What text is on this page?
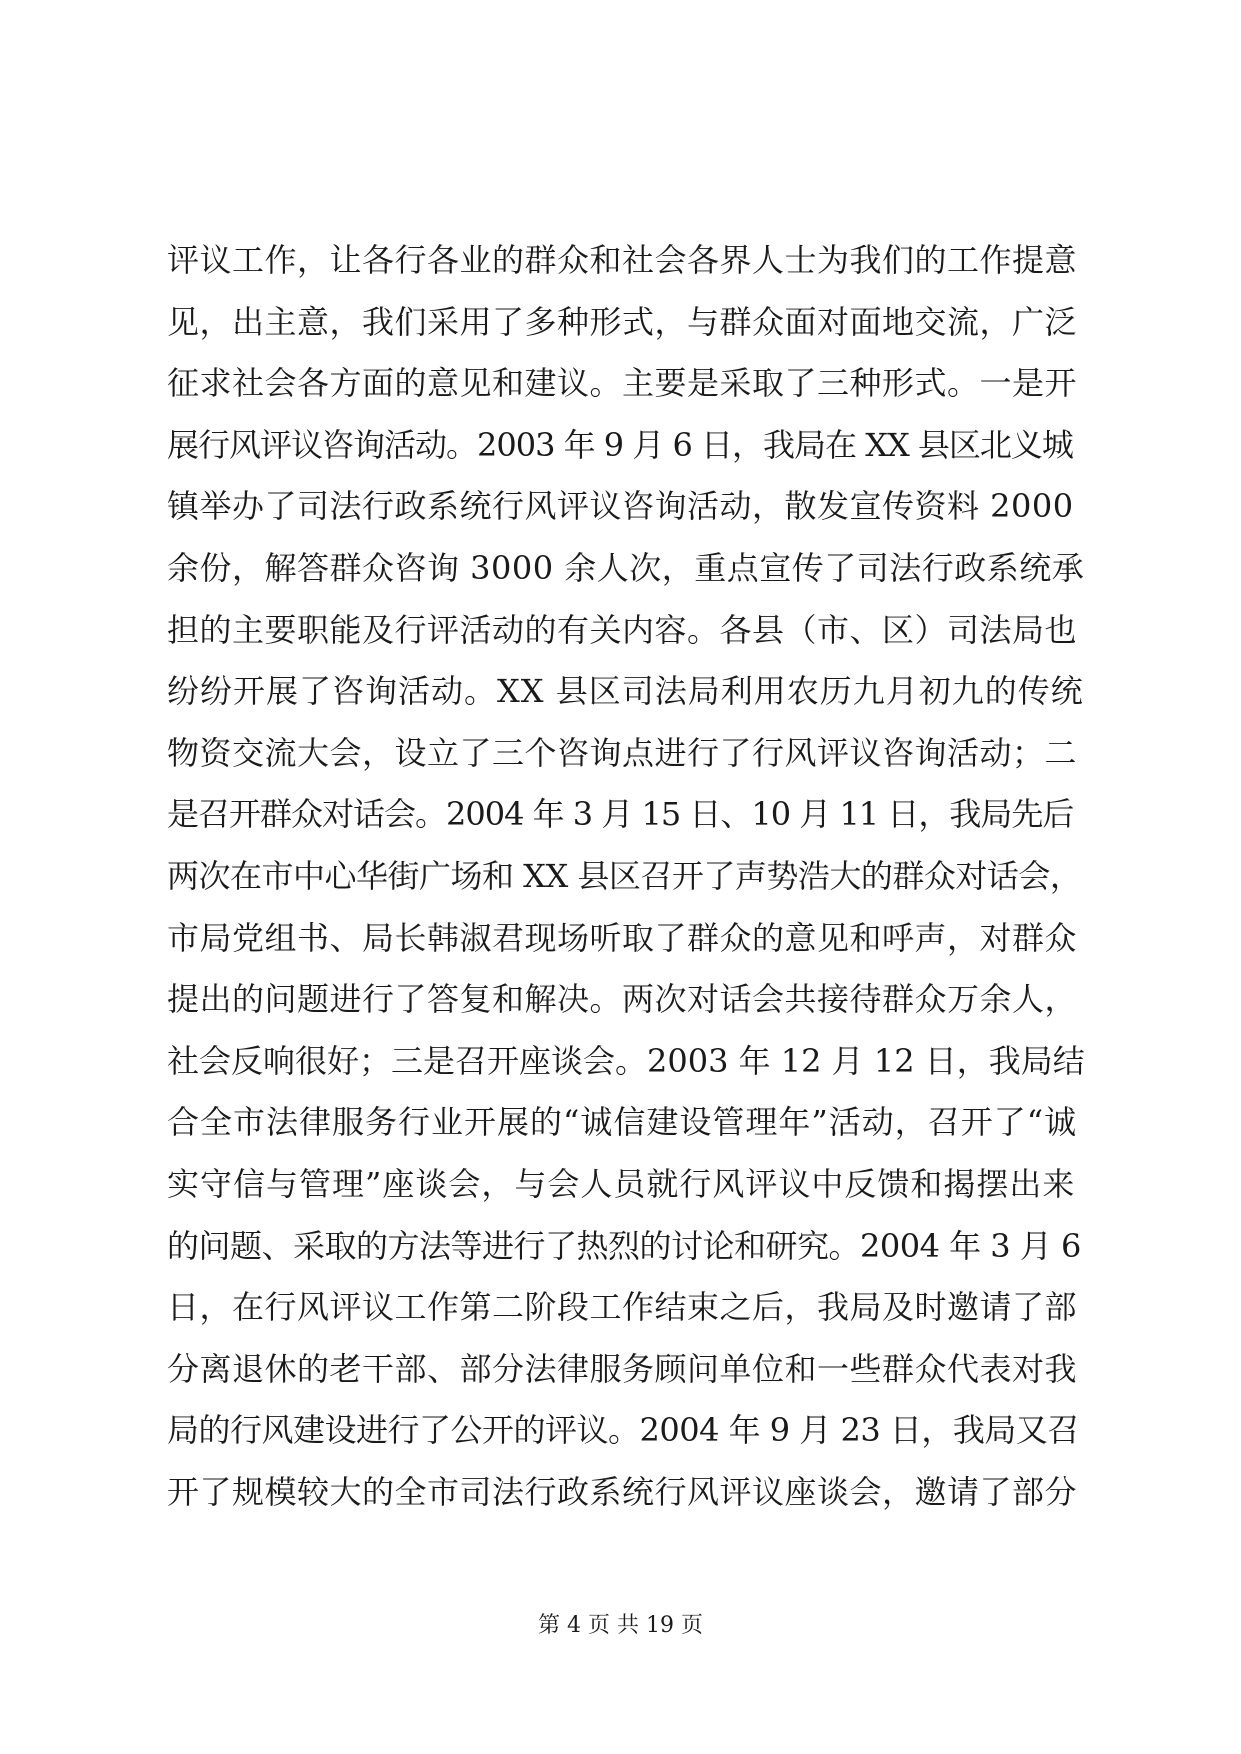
评议工作，让各行各业的群众和社会各界人士为我们的工作提意
见，出主意，我们采用了多种形式，与群众面对面地交流，广泛
征求社会各方面的意见和建议。主要是采取了三种形式。一是开
展行风评议咨询活动。2003 年 9 月 6 日，我局在 XX 县区北义城
镇举办了司法行政系统行风评议咨询活动，散发宣传资料 2000
余份，解答群众咨询 3000 余人次，重点宣传了司法行政系统承
担的主要职能及行评活动的有关内容。各县（市、区）司法局也
纷纷开展了咨询活动。XX 县区司法局利用农历九月初九的传统
物资交流大会，设立了三个咨询点进行了行风评议咨询活动；二
是召开群众对话会。2004 年 3 月 15 日、10 月 11 日，我局先后
两次在市中心华街广场和 XX 县区召开了声势浩大的群众对话会，
市局党组书、局长韩淑君现场听取了群众的意见和呼声，对群众
提出的问题进行了答复和解决。两次对话会共接待群众万余人，
社会反响很好；三是召开座谈会。2003 年 12 月 12 日，我局结
合全市法律服务行业开展的“诚信建设管理年”活动，召开了“诚
实守信与管理”座谈会，与会人员就行风评议中反馈和揭摆出来
的问题、采取的方法等进行了热烈的讨论和研究。2004 年 3 月 6
日，在行风评议工作第二阶段工作结束之后，我局及时邀请了部
分离退休的老干部、部分法律服务顾问单位和一些群众代表对我
局的行风建设进行了公开的评议。2004 年 9 月 23 日，我局又召
开了规模较大的全市司法行政系统行风评议座谈会，邀请了部分
第 4 页 共 19 页
